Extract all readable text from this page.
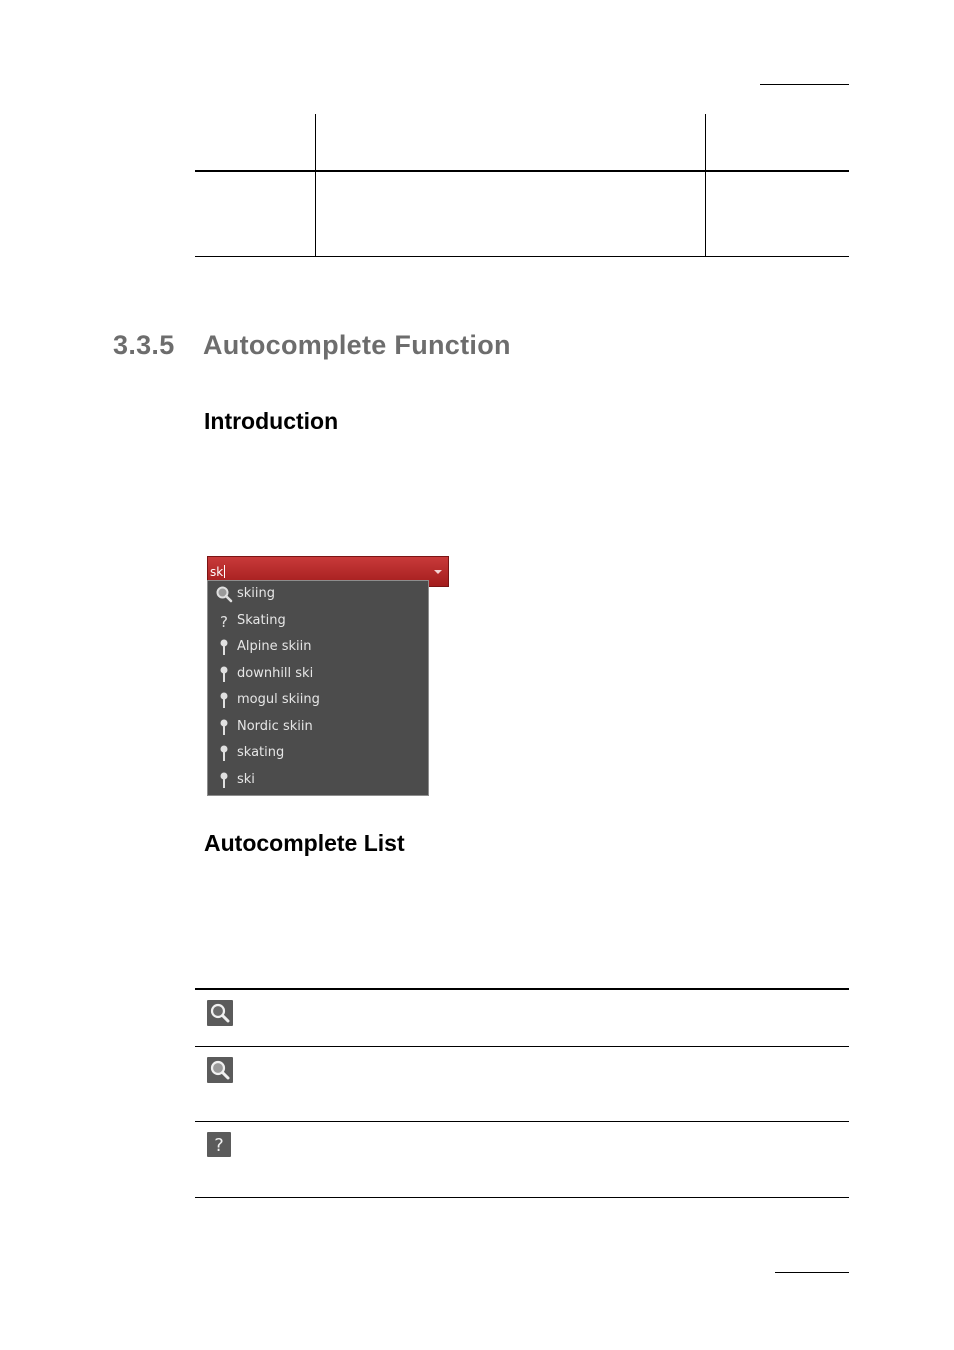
3.3.5 Autocomplete Function
Introduction
sk
skiing
? Skating
Alpine skiin
downhill ski
mogul skiing
Nordic skiin
skating
ski
Autocomplete List
?
